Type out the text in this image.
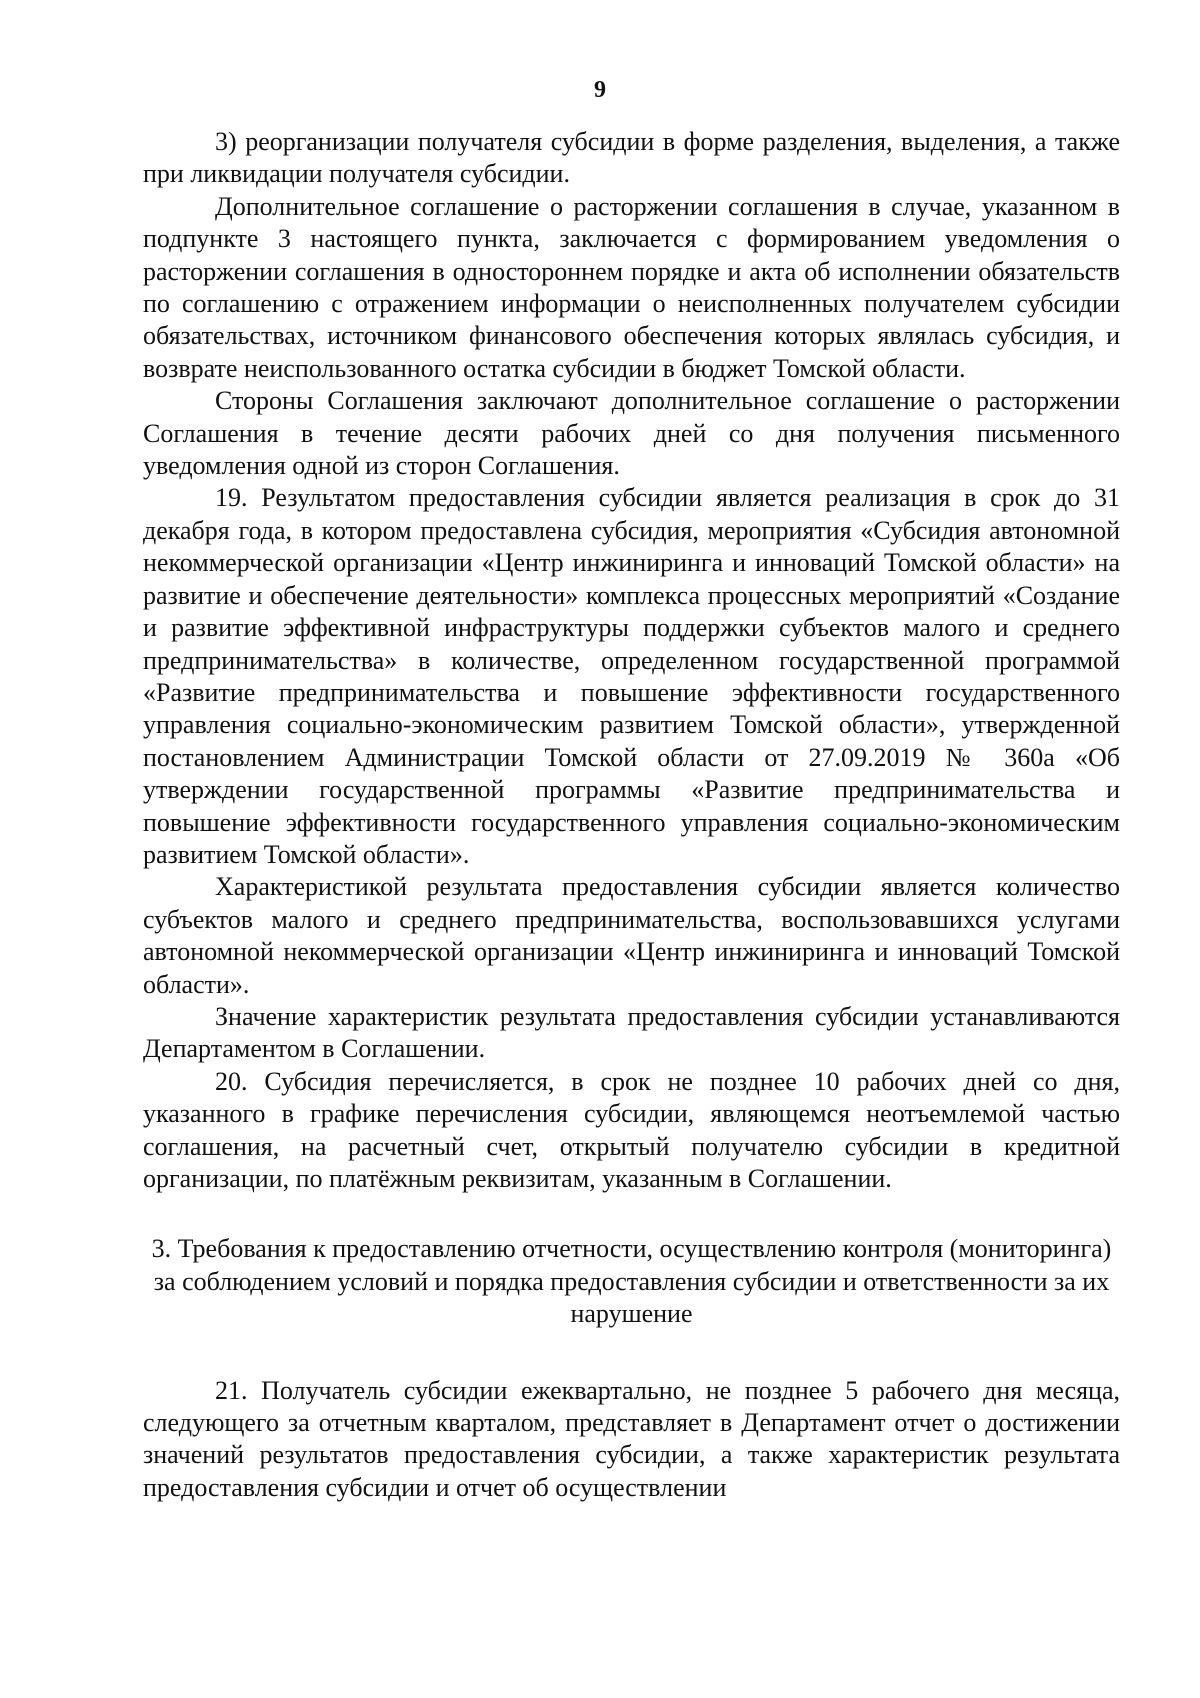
9

3) реорганизации получателя субсидии в форме разделения, выделения, а также при ликвидации получателя субсидии.

Дополнительное соглашение о расторжении соглашения в случае, указанном в подпункте 3 настоящего пункта, заключается с формированием уведомления о расторжении соглашения в одностороннем порядке и акта об исполнении обязательств по соглашению с отражением информации о неисполненных получателем субсидии обязательствах, источником финансового обеспечения которых являлась субсидия, и возврате неиспользованного остатка субсидии в бюджет Томской области.

Стороны Соглашения заключают дополнительное соглашение о расторжении Соглашения в течение десяти рабочих дней со дня получения письменного уведомления одной из сторон Соглашения.

19. Результатом предоставления субсидии является реализация в срок до 31 декабря года, в котором предоставлена субсидия, мероприятия «Субсидия автономной некоммерческой организации «Центр инжиниринга и инноваций Томской области» на развитие и обеспечение деятельности» комплекса процессных мероприятий «Создание и развитие эффективной инфраструктуры поддержки субъектов малого и среднего предпринимательства» в количестве, определенном государственной программой «Развитие предпринимательства и повышение эффективности государственного управления социально-экономическим развитием Томской области», утвержденной постановлением Администрации Томской области от 27.09.2019 № 360а «Об утверждении государственной программы «Развитие предпринимательства и повышение эффективности государственного управления социально-экономическим развитием Томской области».

Характеристикой результата предоставления субсидии является количество субъектов малого и среднего предпринимательства, воспользовавшихся услугами автономной некоммерческой организации «Центр инжиниринга и инноваций Томской области».

Значение характеристик результата предоставления субсидии устанавливаются Департаментом в Соглашении.

20. Субсидия перечисляется, в срок не позднее 10 рабочих дней со дня, указанного в графике перечисления субсидии, являющемся неотъемлемой частью соглашения, на расчетный счет, открытый получателю субсидии в кредитной организации, по платёжным реквизитам, указанным в Соглашении.

3. Требования к предоставлению отчетности, осуществлению контроля (мониторинга) за соблюдением условий и порядка предоставления субсидии и ответственности за их нарушение

21. Получатель субсидии ежеквартально, не позднее 5 рабочего дня месяца, следующего за отчетным кварталом, представляет в Департамент отчет о достижении значений результатов предоставления субсидии, а также характеристик результата предоставления субсидии и отчет об осуществлении
